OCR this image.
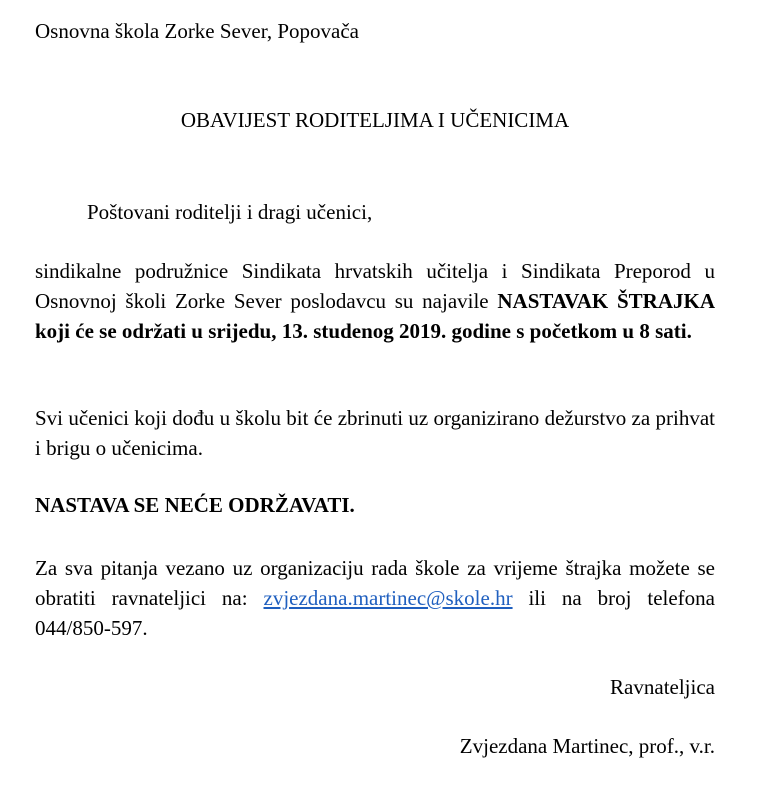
Osnovna škola Zorke Sever, Popovača
OBAVIJEST RODITELJIMA I UČENICIMA
Poštovani roditelji i dragi učenici,
sindikalne podružnice Sindikata hrvatskih učitelja i Sindikata Preporod u Osnovnoj školi Zorke Sever poslodavcu su najavile NASTAVAK ŠTRAJKA koji će se održati u srijedu, 13. studenog 2019. godine s početkom u 8 sati.
Svi učenici koji dođu u školu bit će zbrinuti uz organizirano dežurstvo za prihvat i brigu o učenicima.
NASTAVA SE NEĆE ODRŽAVATI.
Za sva pitanja vezano uz organizaciju rada škole za vrijeme štrajka možete se obratiti ravnateljici na: zvjezdana.martinec@skole.hr ili na broj telefona 044/850-597.
Ravnateljica
Zvjezdana Martinec, prof., v.r.
